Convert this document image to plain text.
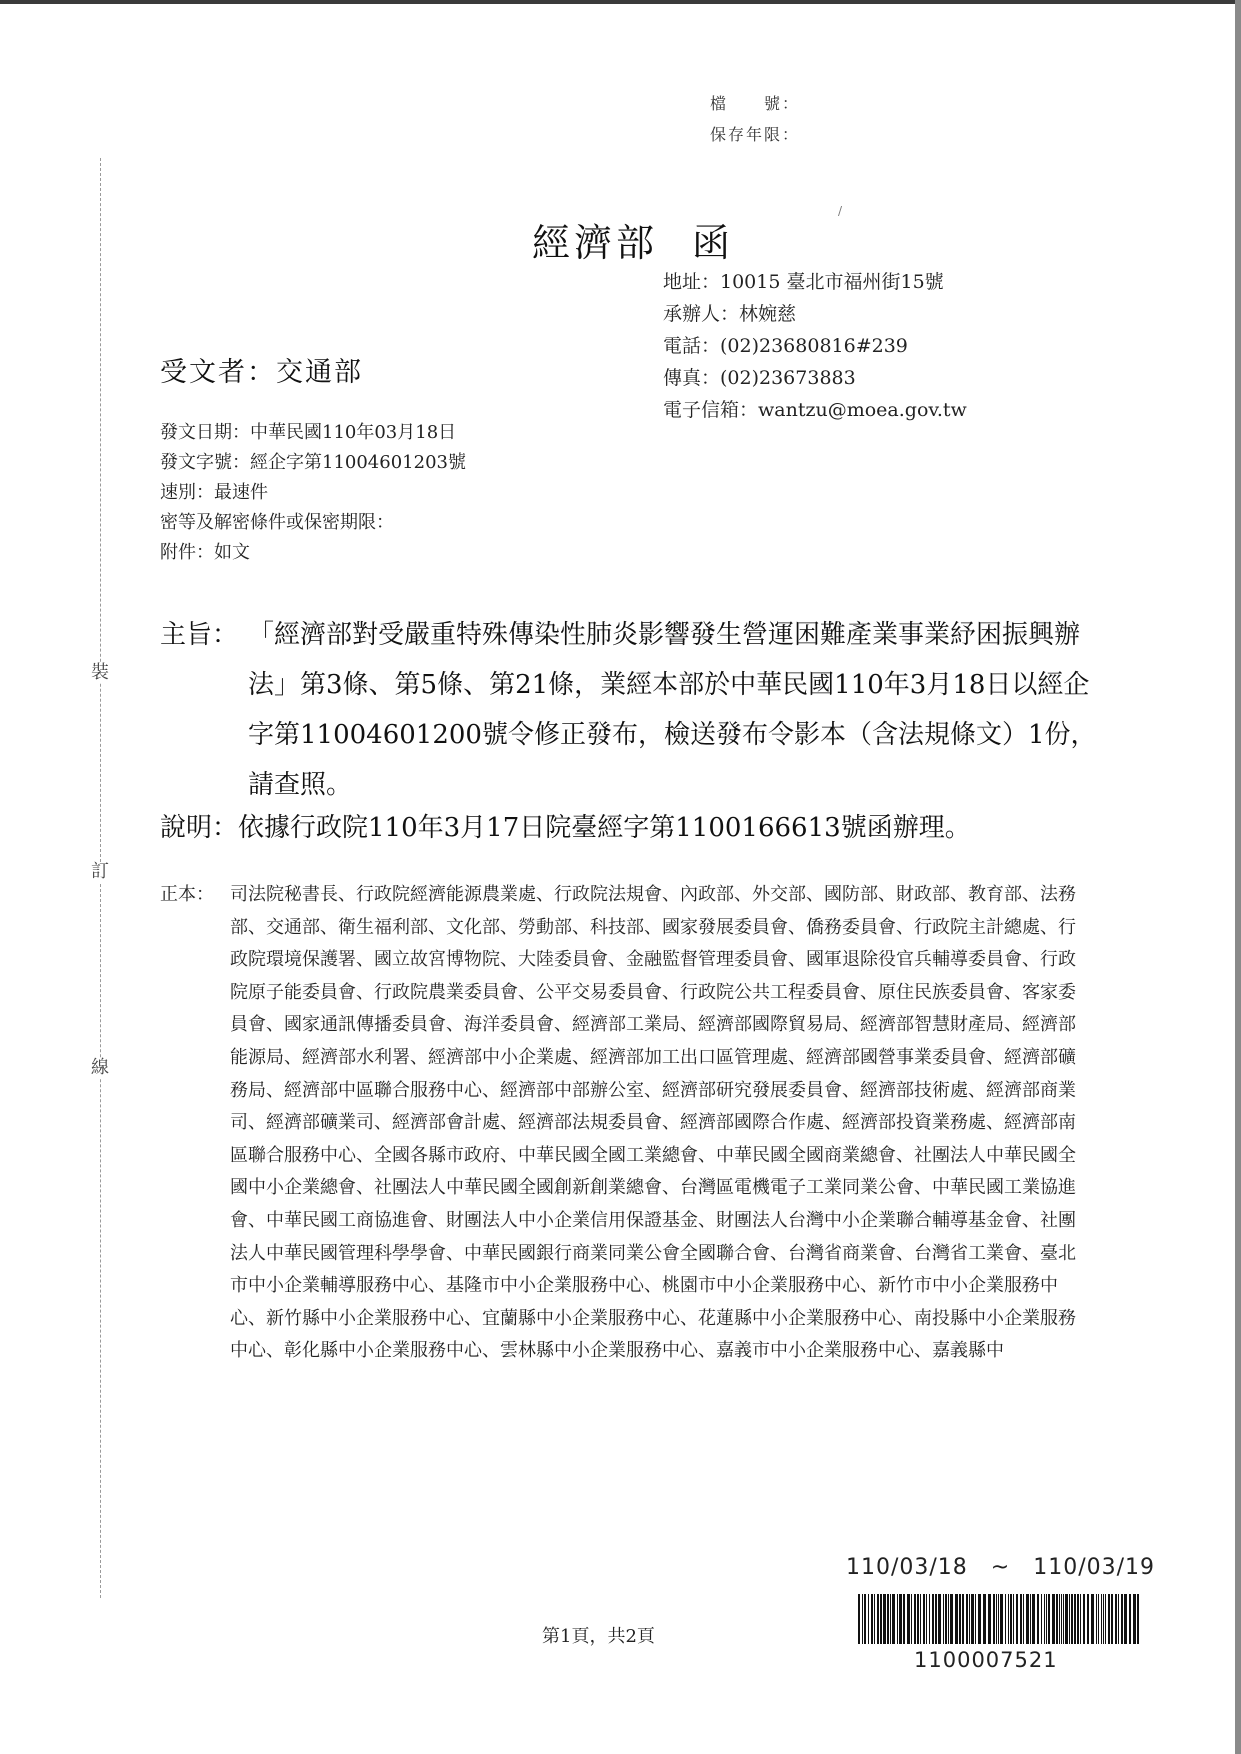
裝
訂
線
檔　　號：
保存年限：
/
經濟部 函
地址：10015 臺北市福州街15號
承辦人：林婉慈
電話：(02)23680816#239
傳真：(02)23673883
電子信箱：wantzu@moea.gov.tw
受文者：交通部
發文日期：中華民國110年03月18日
發文字號：經企字第11004601203號
速別：最速件
密等及解密條件或保密期限：
附件：如文
主旨： 「經濟部對受嚴重特殊傳染性肺炎影響發生營運困難產業事業紓困振興辦法」第3條、第5條、第21條，業經本部於中華民國110年3月18日以經企字第11004601200號令修正發布，檢送發布令影本（含法規條文）1份，請查照。
說明：依據行政院110年3月17日院臺經字第1100166613號函辦理。
正本： 司法院秘書長、行政院經濟能源農業處、行政院法規會、內政部、外交部、國防部、財政部、教育部、法務部、交通部、衛生福利部、文化部、勞動部、科技部、國家發展委員會、僑務委員會、行政院主計總處、行政院環境保護署、國立故宮博物院、大陸委員會、金融監督管理委員會、國軍退除役官兵輔導委員會、行政院原子能委員會、行政院農業委員會、公平交易委員會、行政院公共工程委員會、原住民族委員會、客家委員會、國家通訊傳播委員會、海洋委員會、經濟部工業局、經濟部國際貿易局、經濟部智慧財產局、經濟部能源局、經濟部水利署、經濟部中小企業處、經濟部加工出口區管理處、經濟部國營事業委員會、經濟部礦務局、經濟部中區聯合服務中心、經濟部中部辦公室、經濟部研究發展委員會、經濟部技術處、經濟部商業司、經濟部礦業司、經濟部會計處、經濟部法規委員會、經濟部國際合作處、經濟部投資業務處、經濟部南區聯合服務中心、全國各縣市政府、中華民國全國工業總會、中華民國全國商業總會、社團法人中華民國全國中小企業總會、社團法人中華民國全國創新創業總會、台灣區電機電子工業同業公會、中華民國工業協進會、中華民國工商協進會、財團法人中小企業信用保證基金、財團法人台灣中小企業聯合輔導基金會、社團法人中華民國管理科學學會、中華民國銀行商業同業公會全國聯合會、台灣省商業會、台灣省工業會、臺北市中小企業輔導服務中心、基隆市中小企業服務中心、桃園市中小企業服務中心、新竹市中小企業服務中心、新竹縣中小企業服務中心、宜蘭縣中小企業服務中心、花蓮縣中小企業服務中心、南投縣中小企業服務中心、彰化縣中小企業服務中心、雲林縣中小企業服務中心、嘉義市中小企業服務中心、嘉義縣中
110/03/18　~　110/03/19
1100007521
第1頁，共2頁
